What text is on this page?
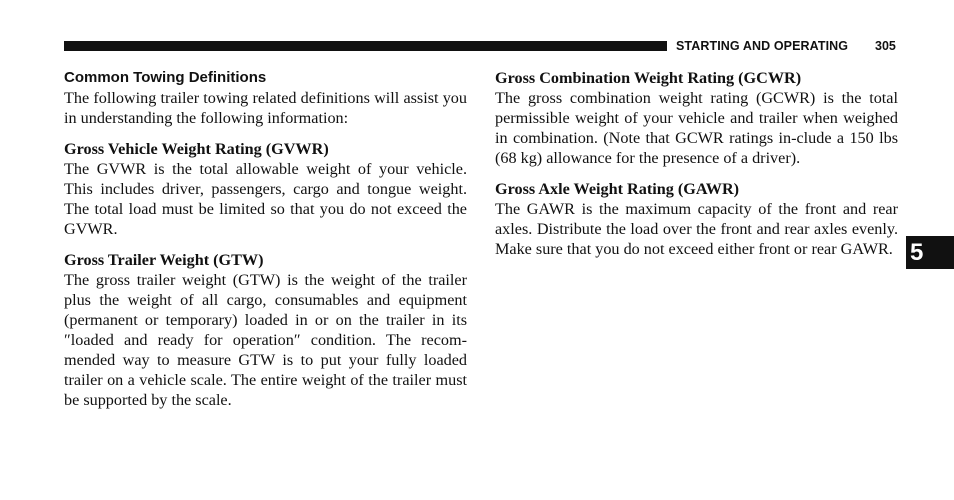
STARTING AND OPERATING 305
Common Towing Definitions

The following trailer towing related definitions will assist you in understanding the following information:

Gross Vehicle Weight Rating (GVWR)

The GVWR is the total allowable weight of your vehicle. This includes driver, passengers, cargo and tongue weight. The total load must be limited so that you do not exceed the GVWR.

Gross Trailer Weight (GTW)

The gross trailer weight (GTW) is the weight of the trailer plus the weight of all cargo, consumables and equipment (permanent or temporary) loaded in or on the trailer in its ″loaded and ready for operation″ condition. The recom-mended way to measure GTW is to put your fully loaded trailer on a vehicle scale. The entire weight of the trailer must be supported by the scale.

Gross Combination Weight Rating (GCWR)

The gross combination weight rating (GCWR) is the total permissible weight of your vehicle and trailer when weighed in combination. (Note that GCWR ratings in-clude a 150 lbs (68 kg) allowance for the presence of a driver).

Gross Axle Weight Rating (GAWR)

The GAWR is the maximum capacity of the front and rear axles. Distribute the load over the front and rear axles evenly. Make sure that you do not exceed either front or rear GAWR. 5
